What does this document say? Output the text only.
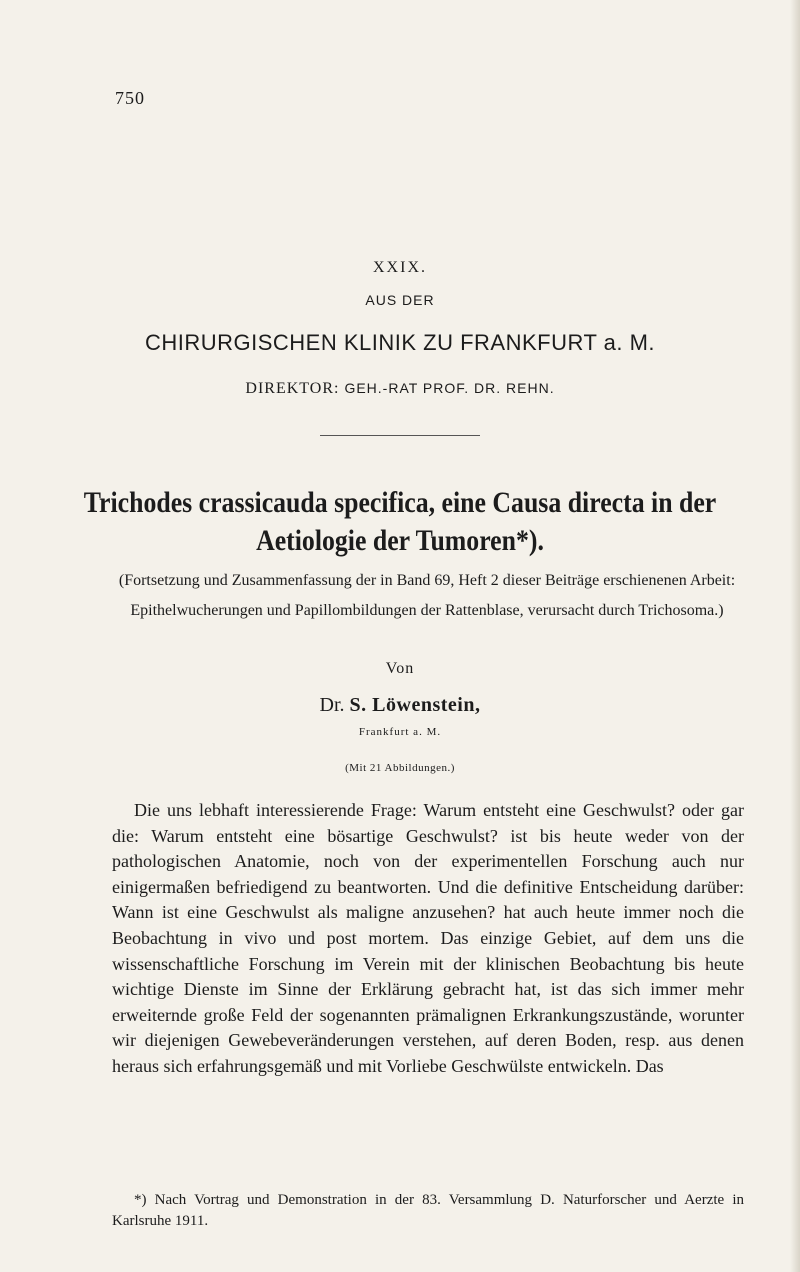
750
XXIX.
AUS DER
CHIRURGISCHEN KLINIK ZU FRANKFURT a. M.
DIREKTOR: GEH.-RAT PROF. DR. REHN.
Trichodes crassicauda specifica, eine Causa directa in der
Aetiologie der Tumoren*).
(Fortsetzung und Zusammenfassung der in Band 69, Heft 2 dieser Beiträge erschienenen Arbeit: Epithelwucherungen und Papillombildungen der Rattenblase, verursacht durch Trichosoma.)
Von
Dr. S. Löwenstein,
Frankfurt a. M.
(Mit 21 Abbildungen.)

Die uns lebhaft interessierende Frage: Warum entsteht eine Geschwulst? oder gar die: Warum entsteht eine bösartige Geschwulst? ist bis heute weder von der pathologischen Anatomie, noch von der experimentellen Forschung auch nur einigermaßen befriedigend zu beantworten. Und die definitive Entscheidung darüber: Wann ist eine Geschwulst als maligne anzusehen? hat auch heute immer noch die Beobachtung in vivo und post mortem. Das einzige Gebiet, auf dem uns die wissenschaftliche Forschung im Verein mit der klinischen Beobachtung bis heute wichtige Dienste im Sinne der Erklärung gebracht hat, ist das sich immer mehr erweiternde große Feld der sogenannten prämalignen Erkrankungszustände, worunter wir diejenigen Gewebeveränderungen verstehen, auf deren Boden, resp. aus denen heraus sich erfahrungsgemäß und mit Vorliebe Geschwülste entwickeln. Das

*) Nach Vortrag und Demonstration in der 83. Versammlung D. Naturforscher und Aerzte in Karlsruhe 1911.
